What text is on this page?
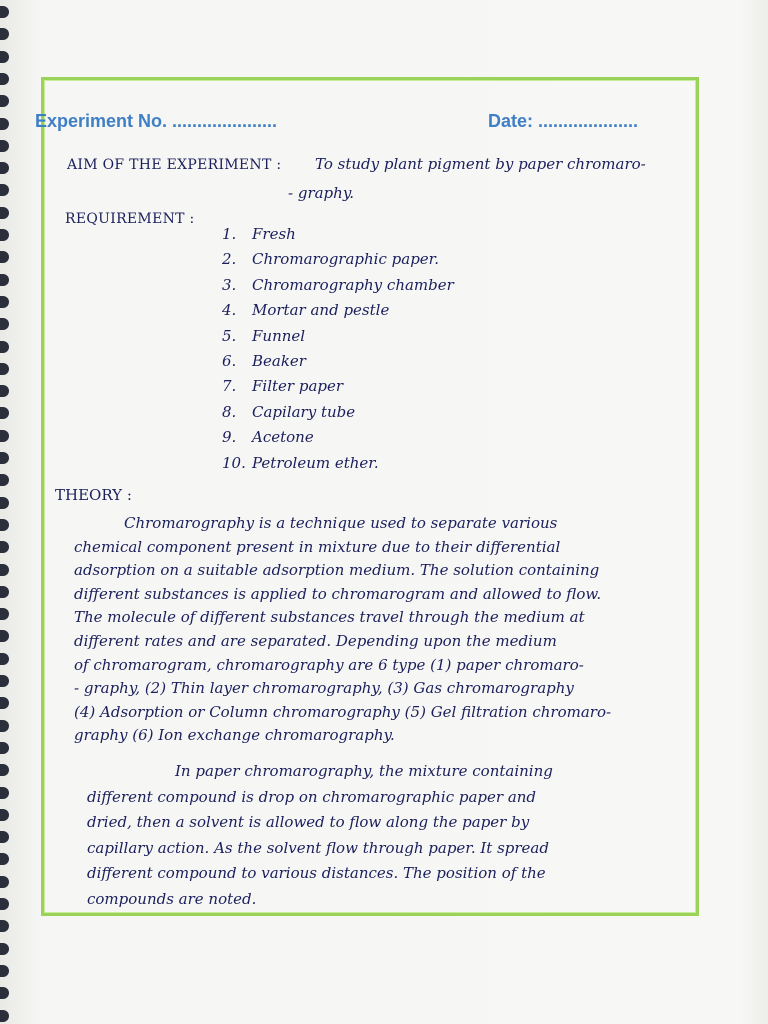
Experiment No. .....................	Date: ....................
AIM OF THE EXPERIMENT : To study plant pigment by paper chromaro-
- graphy.
REQUIREMENT :
1. Fresh
2. Chromarographic paper.
3. Chromarography chamber
4. Mortar and pestle
5. Funnel
6. Beaker
7. Filter paper
8. Capilary tube
9. Acetone
10. Petroleum ether.
THEORY :
Chromarography is a technique used to separate various
chemical component present in mixture due to their differential
adsorption on a suitable adsorption medium. The solution containing
different substances is applied to chromarogram and allowed to flow.
The molecule of different substances travel through the medium at
different rates and are separated. Depending upon the medium
of chromarogram, chromarography are 6 type (1) paper chromaro-
- graphy, (2) Thin layer chromarography, (3) Gas chromarography
(4) Adsorption or Column chromarography (5) Gel filtration chromaro-
graphy (6) Ion exchange chromarography.
In paper chromarography, the mixture containing
different compound is drop on chromarographic paper and
dried, then a solvent is allowed to flow along the paper by
capillary action. As the solvent flow through paper. It spread
different compound to various distances. The position of the
compounds are noted.
